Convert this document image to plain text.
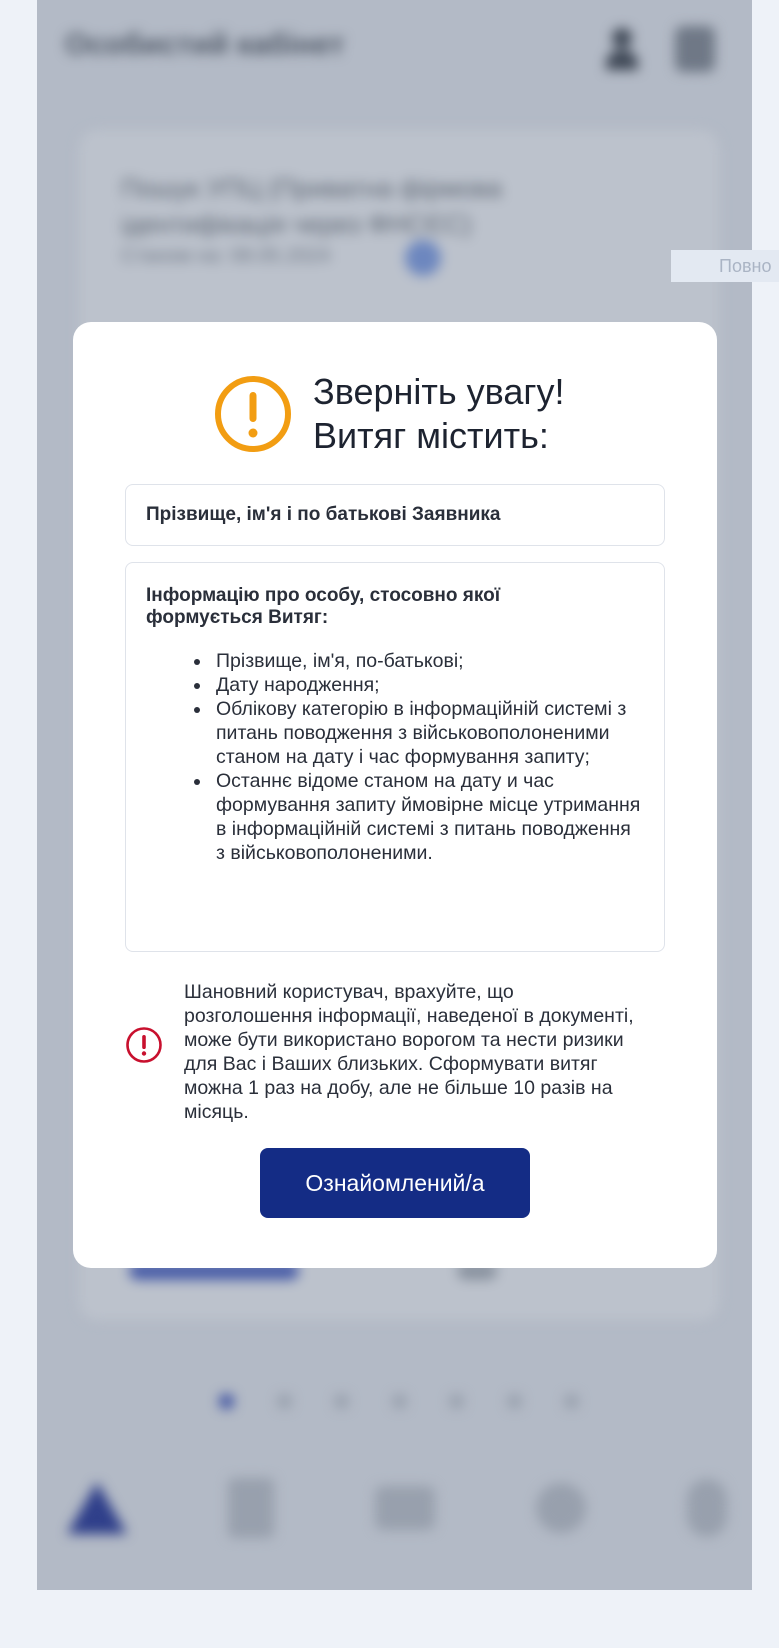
Особистий кабінет
Пошук УПЦ (Приватна фірмова ідентифікація через ФНСЄС)
Станом на: 08.05.2024	Повно
Зверніть увагу!
Витяг містить:
Прізвище, ім'я і по батькові Заявника
Інформацію про особу, стосовно якої формується Витяг:
• Прізвище, ім'я, по-батькові;
• Дату народження;
• Облікову категорію в інформаційній системі з питань поводження з військовополоненими станом на дату і час формування запиту;
• Останнє відоме станом на дату и час формування запиту ймовірне місце утримання в інформаційній системі з питань поводження з військовополоненими.
Шановний користувач, врахуйте, що розголошення інформації, наведеної в документі, може бути використано ворогом та нести ризики для Вас і Ваших близьких. Сформувати витяг можна 1 раз на добу, але не більше 10 разів на місяць.
Ознайомлений/а
